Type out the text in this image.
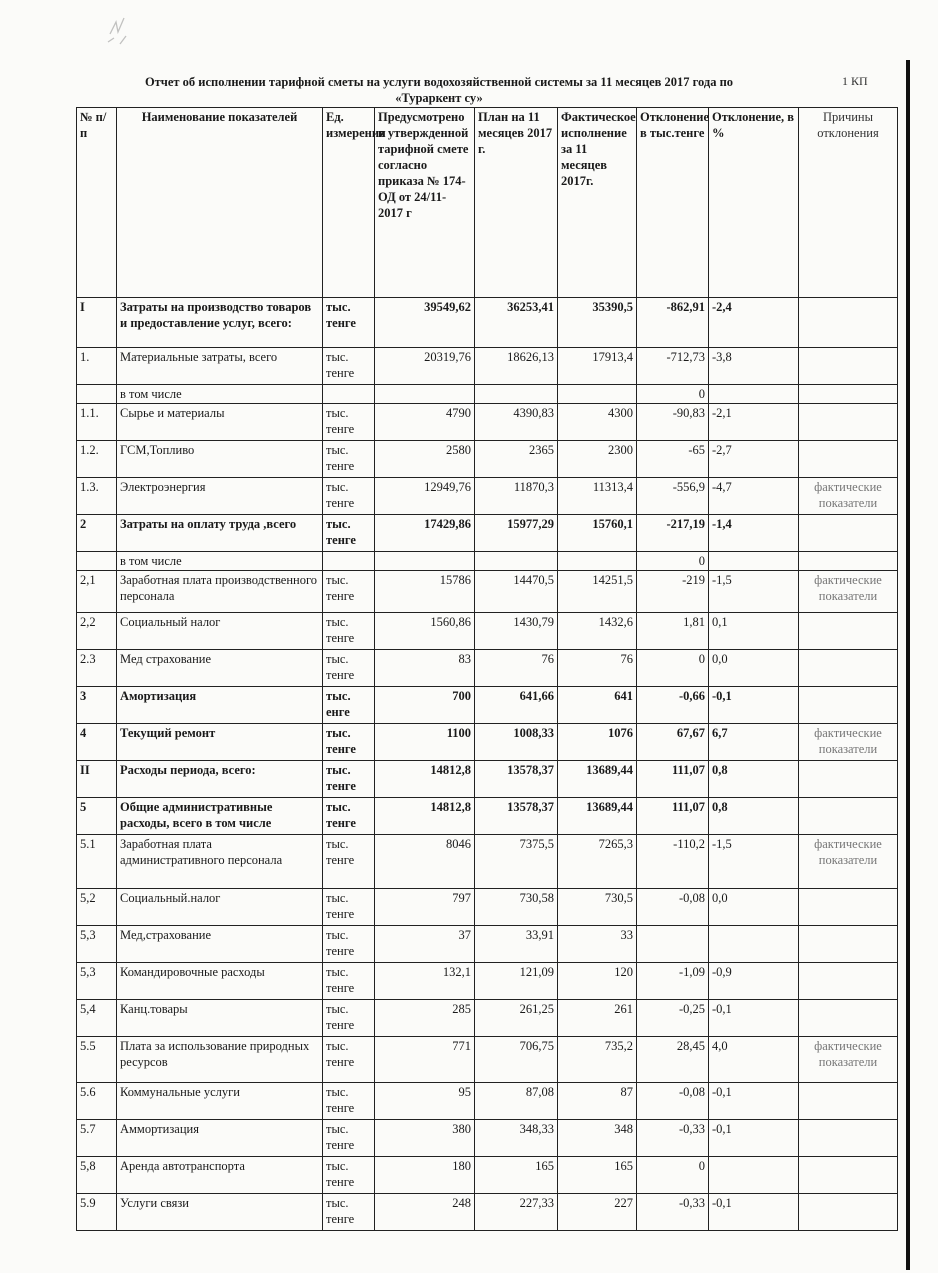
Отчет об исполнении тарифной сметы на услуги водохозяйственной системы за 11 месяцев 2017 года по
«Тураркент су»
1 КП
№ п/п	Наименование показателей	Ед. измерения	Предусмотрено в утвержденной тарифной смете согласно приказа № 174-ОД от 24/11-2017 г	План на 11 месяцев 2017 г.	Фактическое исполнение за 11 месяцев 2017г.	Отклонение в тыс.тенге	Отклонение, в %	Причины отклонения
I	Затраты на производство товаров и предоставление услуг, всего:	тыс. тенге	39549,62	36253,41	35390,5	-862,91	-2,4	
1.	Материальные затраты, всего	тыс. тенге	20319,76	18626,13	17913,4	-712,73	-3,8	
	в том числе					0		
1.1.	Сырье и материалы	тыс. тенге	4790	4390,83	4300	-90,83	-2,1	
1.2.	ГСМ,Топливо	тыс. тенге	2580	2365	2300	-65	-2,7	
1.3.	Электроэнергия	тыс. тенге	12949,76	11870,3	11313,4	-556,9	-4,7	фактические показатели
2	Затраты на оплату труда ,всего	тыс. тенге	17429,86	15977,29	15760,1	-217,19	-1,4	
	в том числе					0		
2,1	Заработная плата производственного персонала	тыс. тенге	15786	14470,5	14251,5	-219	-1,5	фактические показатели
2,2	Социальный налог	тыс. тенге	1560,86	1430,79	1432,6	1,81	0,1	
2.3	Мед страхование	тыс. тенге	83	76	76	0	0,0	
3	Амортизация	тыс. енге	700	641,66	641	-0,66	-0,1	
4	Текущий ремонт	тыс. тенге	1100	1008,33	1076	67,67	6,7	фактические показатели
II	Расходы периода, всего:	тыс. тенге	14812,8	13578,37	13689,44	111,07	0,8	
5	Общие административные расходы, всего в том числе	тыс. тенге	14812,8	13578,37	13689,44	111,07	0,8	
5.1	Заработная плата административного персонала	тыс. тенге	8046	7375,5	7265,3	-110,2	-1,5	фактические показатели
5,2	Социальный.налог	тыс. тенге	797	730,58	730,5	-0,08	0,0	
5,3	Мед,страхование	тыс. тенге	37	33,91	33			
5,3	Командировочные расходы	тыс. тенге	132,1	121,09	120	-1,09	-0,9	
5,4	Канц.товары	тыс. тенге	285	261,25	261	-0,25	-0,1	
5.5	Плата за использование природных ресурсов	тыс. тенге	771	706,75	735,2	28,45	4,0	фактические показатели
5.6	Коммунальные услуги	тыс. тенге	95	87,08	87	-0,08	-0,1	
5.7	Аммортизация	тыс. тенге	380	348,33	348	-0,33	-0,1	
5,8	Аренда автотранспорта	тыс. тенге	180	165	165	0		
5.9	Услуги связи	тыс. тенге	248	227,33	227	-0,33	-0,1	
